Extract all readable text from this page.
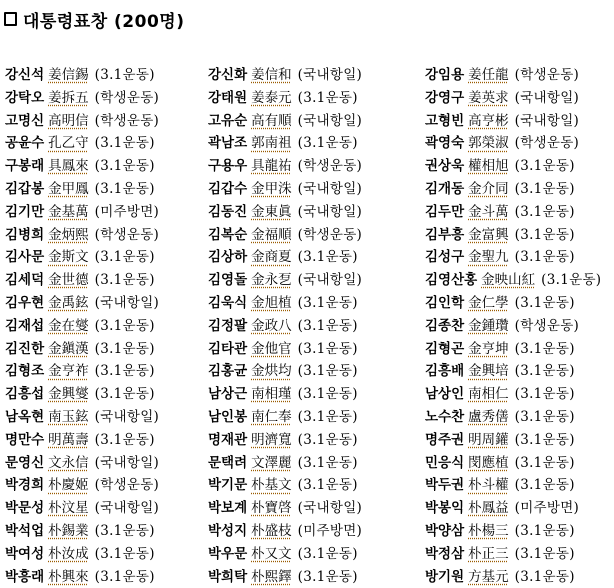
대통령표창 (200명)
강신석 姜信錫 (3.1운동)
강탁오 姜拆五 (학생운동)
고명신 高明信 (학생운동)
공윤수 孔乙守 (3.1운동)
구봉래 具鳳來 (3.1운동)
김갑봉 金甲鳳 (3.1운동)
김기만 金基萬 (미주방면)
김병희 金炳熙 (학생운동)
김사문 金斯文 (3.1운동)
김세덕 金世德 (3.1운동)
김우현 金禹鉉 (국내항일)
김재섭 金在燮 (3.1운동)
김진한 金鎭漢 (3.1운동)
김형조 金亨祚 (3.1운동)
김흥섭 金興燮 (3.1운동)
남옥현 南玉鉉 (국내항일)
명만수 明萬壽 (3.1운동)
문영신 文永信 (국내항일)
박경희 朴慶姬 (학생운동)
박문성 朴汶星 (국내항일)
박석업 朴錫業 (3.1운동)
박여성 朴汝成 (3.1운동)
박흥래 朴興來 (3.1운동)
강신화 姜信和 (국내항일)
강태원 姜泰元 (3.1운동)
고유순 高有順 (국내항일)
곽남조 郭南祖 (3.1운동)
구용우 具龍祐 (학생운동)
김갑수 金甲洙 (국내항일)
김동진 金東眞 (국내항일)
김복순 金福順 (학생운동)
김상하 金商夏 (3.1운동)
김영돌 金永乭 (국내항일)
김욱식 金旭植 (3.1운동)
김정팔 金政八 (3.1운동)
김타관 金他官 (3.1운동)
김홍균 金烘均 (3.1운동)
남상근 南相瑾 (3.1운동)
남인봉 南仁奉 (3.1운동)
명재관 明濟寬 (3.1운동)
문택려 文澤麗 (3.1운동)
박기문 朴基文 (3.1운동)
박보계 朴寶啓 (국내항일)
박성지 朴盛枝 (미주방면)
박우문 朴又文 (3.1운동)
박희탁 朴熙鐸 (3.1운동)
강임용 姜任龍 (학생운동)
강영구 姜英求 (국내항일)
고형빈 高亨彬 (국내항일)
곽영숙 郭榮淑 (학생운동)
권상욱 權相旭 (3.1운동)
김개동 金介同 (3.1운동)
김두만 金斗萬 (3.1운동)
김부흥 金富興 (3.1운동)
김성구 金聖九 (3.1운동)
김영산홍 金映山紅 (3.1운동)
김인학 金仁學 (3.1운동)
김종찬 金鍾瓚 (학생운동)
김형곤 金亨坤 (3.1운동)
김흥배 金興培 (3.1운동)
남상인 南相仁 (3.1운동)
노수찬 盧秀僐 (3.1운동)
명주권 明周鑵 (3.1운동)
민응식 閔應植 (3.1운동)
박두권 朴斗權 (3.1운동)
박봉익 朴鳳益 (미주방면)
박양삼 朴楊三 (3.1운동)
박정삼 朴正三 (3.1운동)
방기원 方基元 (3.1운동)
